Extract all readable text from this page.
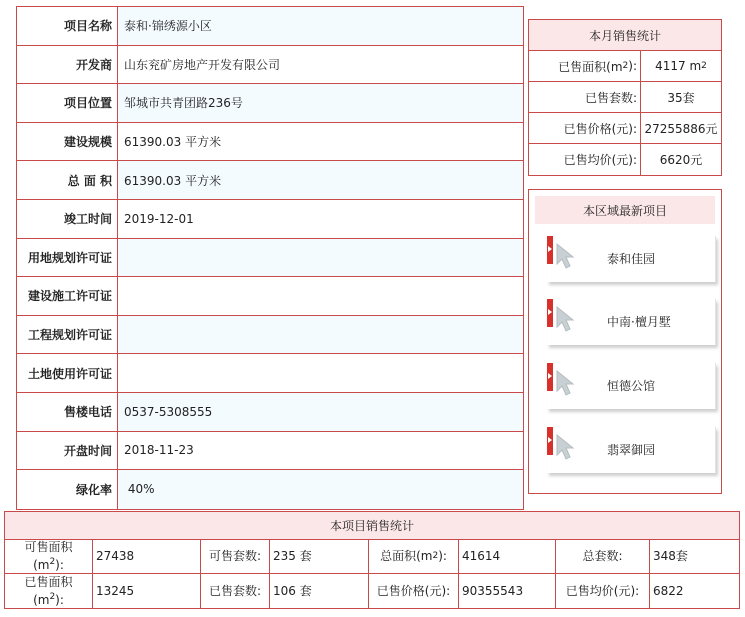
项目名称	泰和·锦绣源小区
开发商	山东兖矿房地产开发有限公司
项目位置	邹城市共青团路236号
建设规模	61390.03 平方米
总 面 积	61390.03 平方米
竣工时间	2019-12-01
用地规划许可证
建设施工许可证
工程规划许可证
土地使用许可证
售楼电话	0537-5308555
开盘时间	2018-11-23
绿化率	40%
本月销售统计
已售面积(m 2 ): 4117 m 2
已售套数:	35套
已售价格(元): 27255886元
已售均价(元):	6620元
本区域最新项目
泰和佳园
中南·檀月墅
恒德公馆
翡翠御园
本项目销售统计
可售面积
$(m^2)$:
27438	可售套数: 235 套	总面积(m 2 ): 41614	总套数:	348套
已售面积
$(m^2)$:
13245	已售套数: 106 套	已售价格(元): 90355543	已售均价(元):	6822
